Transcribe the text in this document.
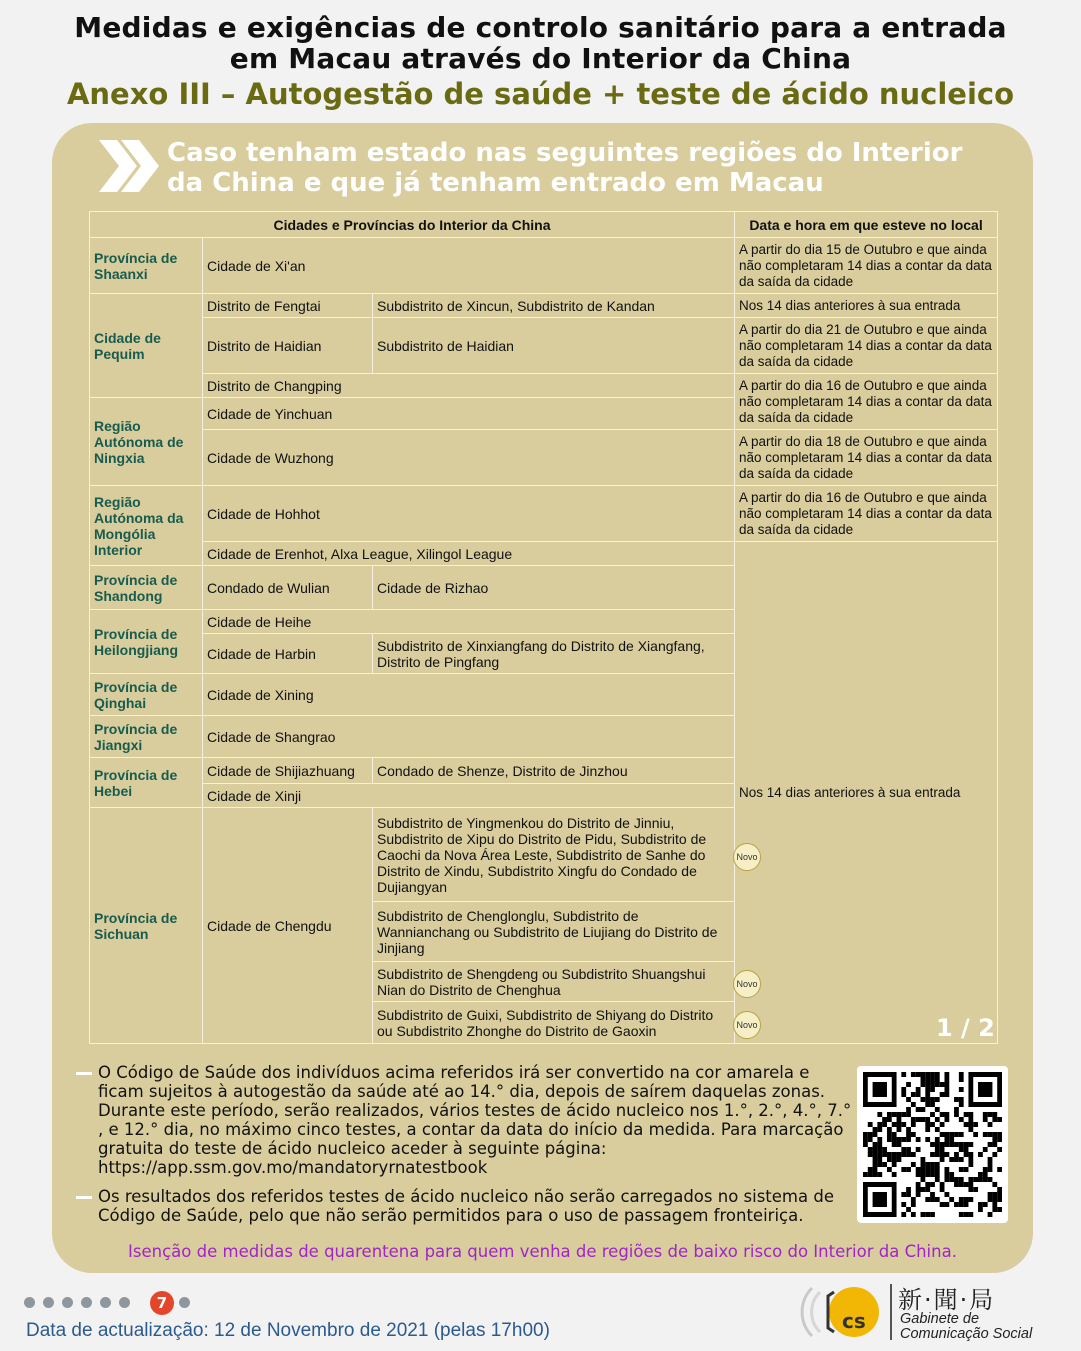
Medidas e exigências de controlo sanitário para a entrada
em Macau através do Interior da China
Anexo III – Autogestão de saúde + teste de ácido nucleico
Caso tenham estado nas seguintes regiões do Interior
da China e que já tenham entrado em Macau
Cidades e Províncias do Interior da China			Data e hora em que esteve no local
Província de Shaanxi	Cidade de Xi'an		A partir do dia 15 de Outubro e que ainda não completaram 14 dias a contar da data da saída da cidade
Cidade de Pequim	Distrito de Fengtai	Subdistrito de Xincun, Subdistrito de Kandan	Nos 14 dias anteriores à sua entrada
	Distrito de Haidian	Subdistrito de Haidian	A partir do dia 21 de Outubro e que ainda não completaram 14 dias a contar da data da saída da cidade
	Distrito de Changping		A partir do dia 16 de Outubro e que ainda não completaram 14 dias a contar da data da saída da cidade
Região Autónoma de Ningxia	Cidade de Yinchuan		
	Cidade de Wuzhong		A partir do dia 18 de Outubro e que ainda não completaram 14 dias a contar da data da saída da cidade
Região Autónoma da Mongólia Interior	Cidade de Hohhot		A partir do dia 16 de Outubro e que ainda não completaram 14 dias a contar da data da saída da cidade
	Cidade de Erenhot, Alxa League, Xilingol League		Nos 14 dias anteriores à sua entrada
Província de Shandong	Condado de Wulian	Cidade de Rizhao	
Província de Heilongjiang	Cidade de Heihe		
	Cidade de Harbin	Subdistrito de Xinxiangfang do Distrito de Xiangfang, Distrito de Pingfang	
Província de Qinghai	Cidade de Xining		
Província de Jiangxi	Cidade de Shangrao		
Província de Hebei	Cidade de Shijiazhuang	Condado de Shenze, Distrito de Jinzhou	
	Cidade de Xinji		
Província de Sichuan	Cidade de Chengdu	Subdistrito de Yingmenkou do Distrito de Jinniu, Subdistrito de Xipu do Distrito de Pidu, Subdistrito de Caochi da Nova Área Leste, Subdistrito de Sanhe do Distrito de Xindu, Subdistrito Xingfu do Condado de Dujiangyan	
		Subdistrito de Chenglonglu, Subdistrito de Wannianchang ou Subdistrito de Liujiang do Distrito de Jinjiang	
		Subdistrito de Shengdeng ou Subdistrito Shuangshui Nian do Distrito de Chenghua	
		Subdistrito de Guixi, Subdistrito de Shiyang do Distrito ou Subdistrito Zhonghe do Distrito de Gaoxin	
Novo
Novo
Novo	1 / 2
O Código de Saúde dos indivíduos acima referidos irá ser convertido na cor amarela e ficam sujeitos à autogestão da saúde até ao 14.° dia, depois de saírem daquelas zonas. Durante este período, serão realizados, vários testes de ácido nucleico nos 1.°, 2.°, 4.°, 7.° , e 12.° dia, no máximo cinco testes, a contar da data do início da medida. Para marcação gratuita do teste de ácido nucleico aceder à seguinte página:
https://app.ssm.gov.mo/mandatoryrnatestbook
Os resultados dos referidos testes de ácido nucleico não serão carregados no sistema de Código de Saúde, pelo que não serão permitidos para o uso de passagem fronteiriça.
Isenção de medidas de quarentena para quem venha de regiões de baixo risco do Interior da China.
7
Data de actualização: 12 de Novembro de 2021 (pelas 17h00)	cs
新·聞·局
Gabinete de
Comunicação Social
